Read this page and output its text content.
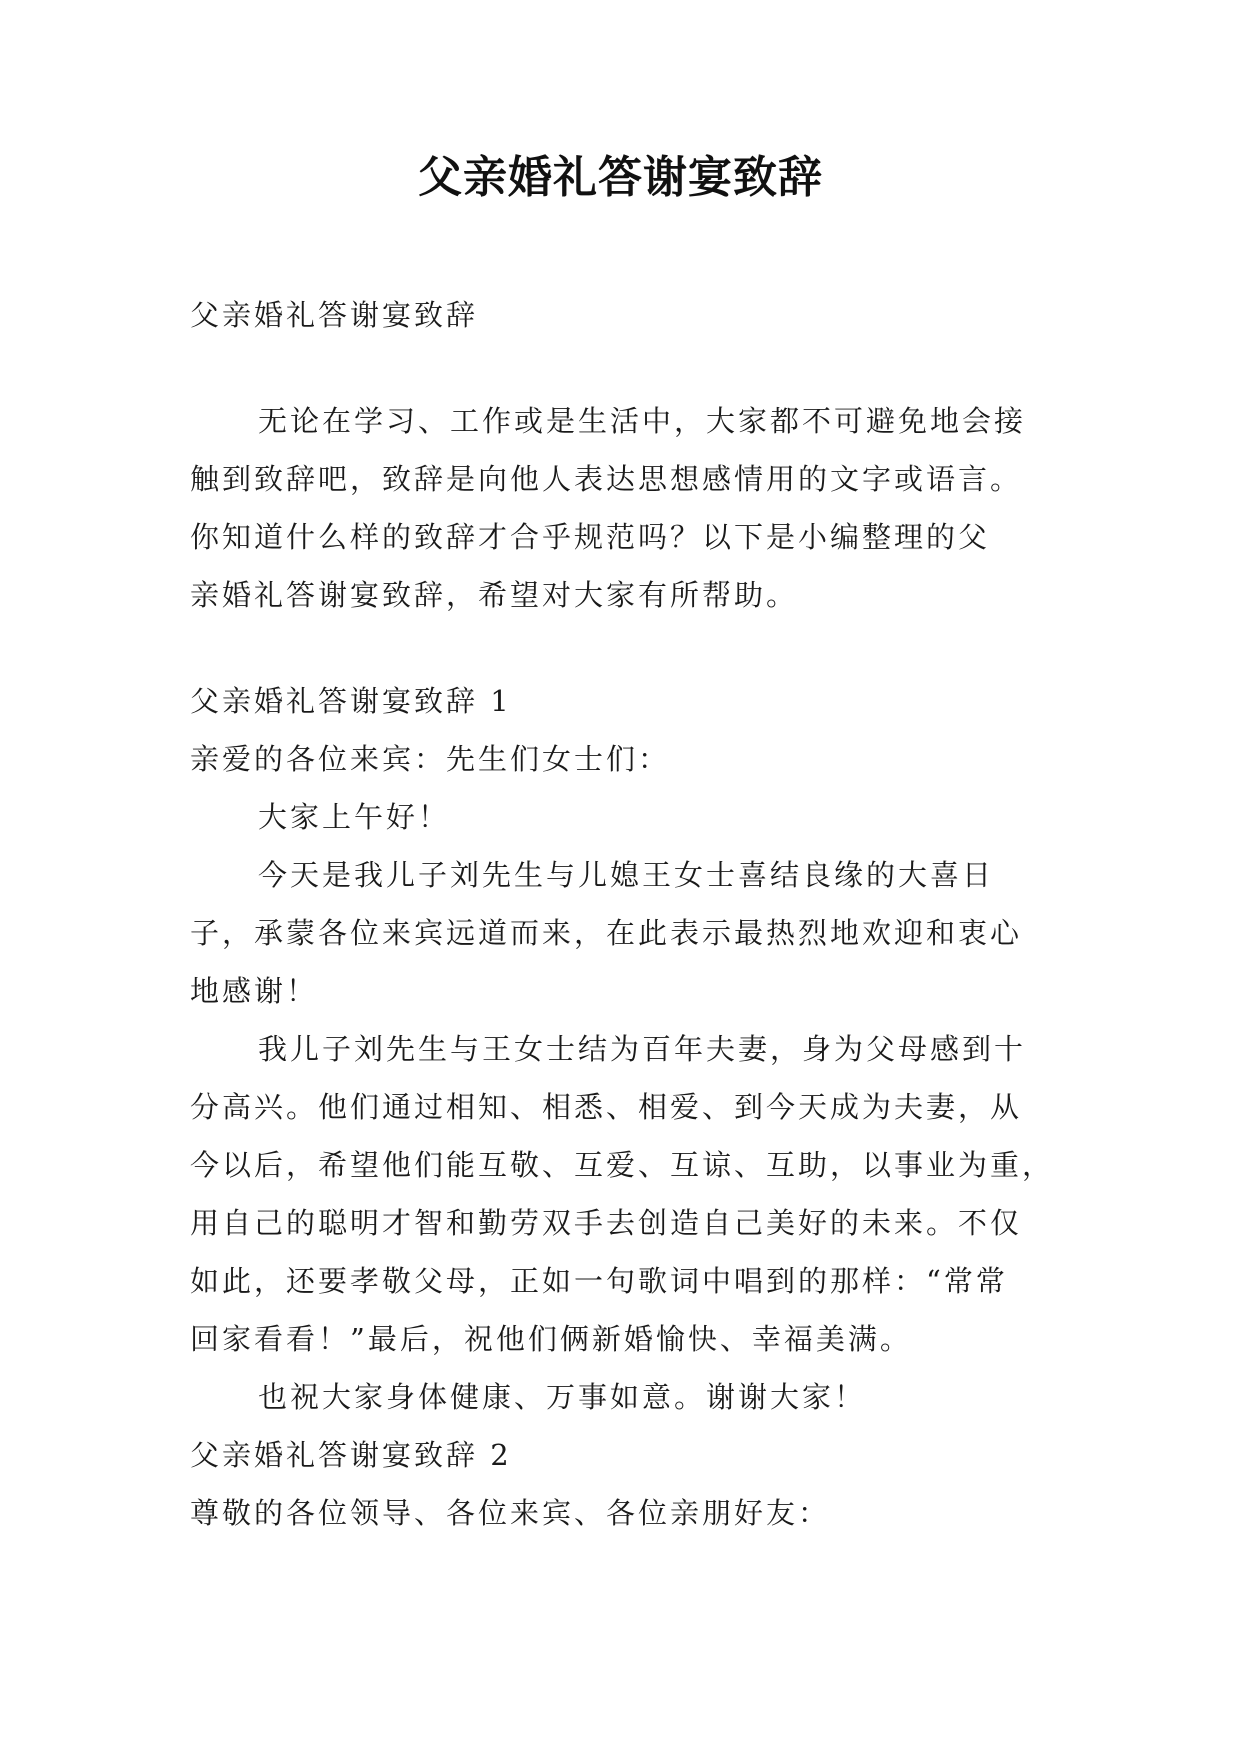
父亲婚礼答谢宴致辞

父亲婚礼答谢宴致辞

无论在学习、工作或是生活中，大家都不可避免地会接

触到致辞吧，致辞是向他人表达思想感情用的文字或语言。

你知道什么样的致辞才合乎规范吗？以下是小编整理的父

亲婚礼答谢宴致辞，希望对大家有所帮助。

父亲婚礼答谢宴致辞 1

亲爱的各位来宾：先生们女士们：

大家上午好！

今天是我儿子刘先生与儿媳王女士喜结良缘的大喜日

子，承蒙各位来宾远道而来，在此表示最热烈地欢迎和衷心

地感谢！

我儿子刘先生与王女士结为百年夫妻，身为父母感到十

分高兴。他们通过相知、相悉、相爱、到今天成为夫妻，从

今以后，希望他们能互敬、互爱、互谅、互助，以事业为重，

用自己的聪明才智和勤劳双手去创造自己美好的未来。不仅

如此，还要孝敬父母，正如一句歌词中唱到的那样：“常常

回家看看！”最后，祝他们俩新婚愉快、幸福美满。

也祝大家身体健康、万事如意。谢谢大家！

父亲婚礼答谢宴致辞 2

尊敬的各位领导、各位来宾、各位亲朋好友：
